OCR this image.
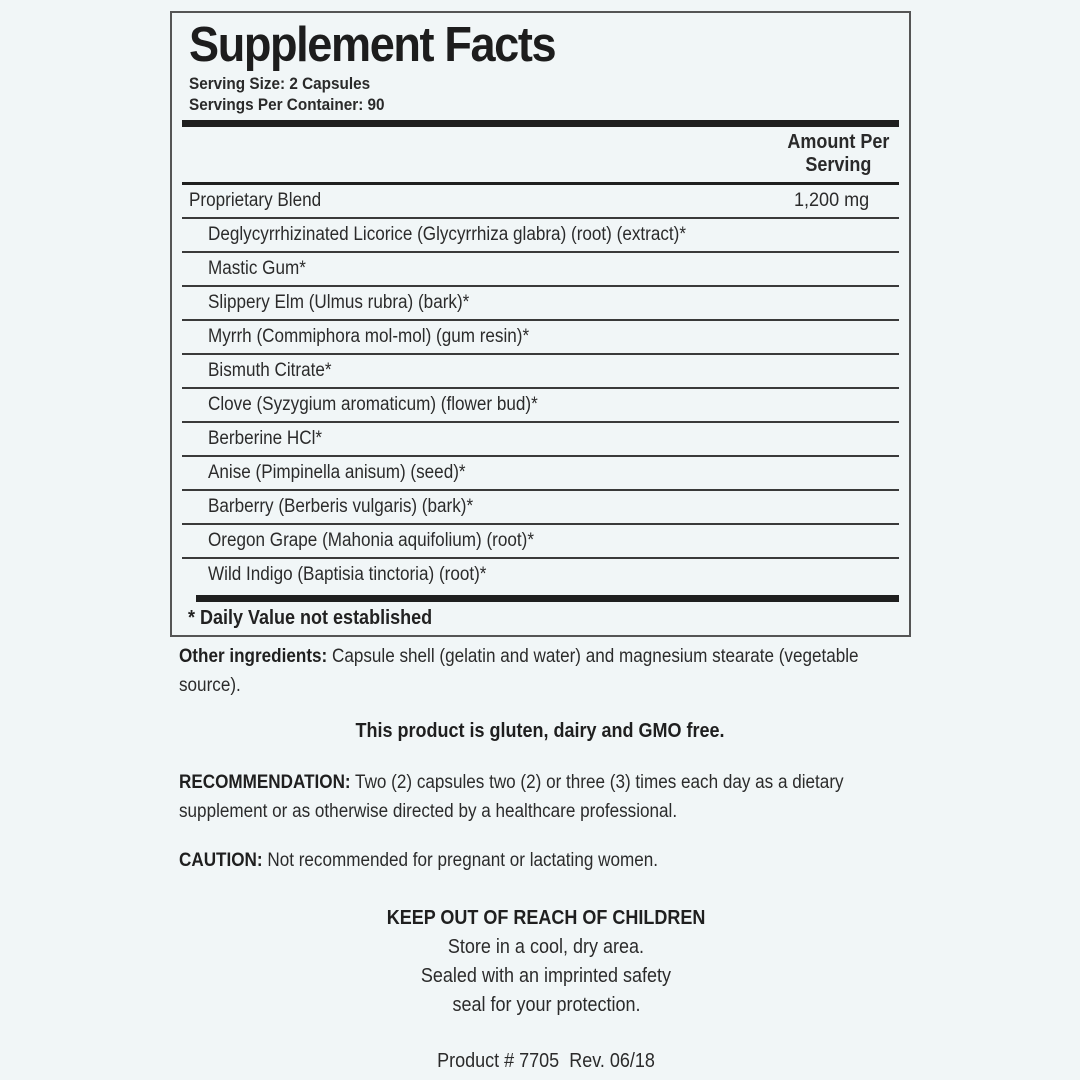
Supplement Facts
Serving Size: 2 Capsules
Servings Per Container: 90
Amount Per
Serving
Proprietary Blend	1,200 mg
Deglycyrrhizinated Licorice (Glycyrrhiza glabra) (root) (extract)*
Mastic Gum*
Slippery Elm (Ulmus rubra) (bark)*
Myrrh (Commiphora mol-mol) (gum resin)*
Bismuth Citrate*
Clove (Syzygium aromaticum) (flower bud)*
Berberine HCl*
Anise (Pimpinella anisum) (seed)*
Barberry (Berberis vulgaris) (bark)*
Oregon Grape (Mahonia aquifolium) (root)*
Wild Indigo (Baptisia tinctoria) (root)*
* Daily Value not established
Other ingredients: Capsule shell (gelatin and water) and magnesium stearate (vegetable source).
This product is gluten, dairy and GMO free.
RECOMMENDATION: Two (2) capsules two (2) or three (3) times each day as a dietary supplement or as otherwise directed by a healthcare professional.
CAUTION: Not recommended for pregnant or lactating women.
KEEP OUT OF REACH OF CHILDREN
Store in a cool, dry area.
Sealed with an imprinted safety
seal for your protection.
Product # 7705  Rev. 06/18
